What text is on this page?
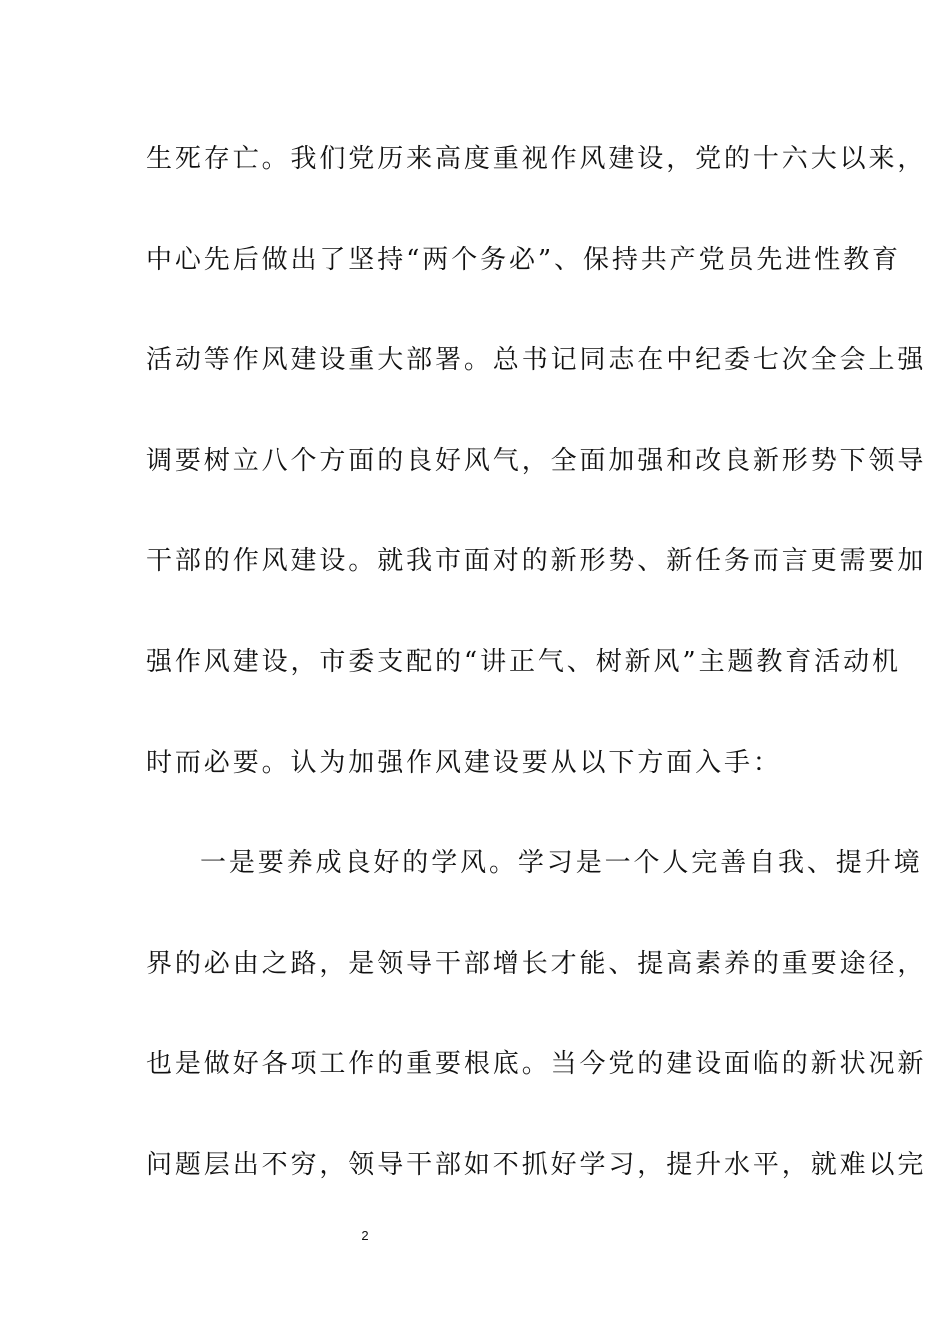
生死存亡。我们党历来高度重视作风建设，党的十六大以来，
中心先后做出了坚持“两个务必”、保持共产党员先进性教育
活动等作风建设重大部署。总书记同志在中纪委七次全会上强
调要树立八个方面的良好风气，全面加强和改良新形势下领导
干部的作风建设。就我市面对的新形势、新任务而言更需要加
强作风建设，市委支配的“讲正气、树新风”主题教育活动机
时而必要。认为加强作风建设要从以下方面入手：
一是要养成良好的学风。学习是一个人完善自我、提升境
界的必由之路，是领导干部增长才能、提高素养的重要途径，
也是做好各项工作的重要根底。当今党的建设面临的新状况新
问题层出不穷，领导干部如不抓好学习，提升水平，就难以完
2
